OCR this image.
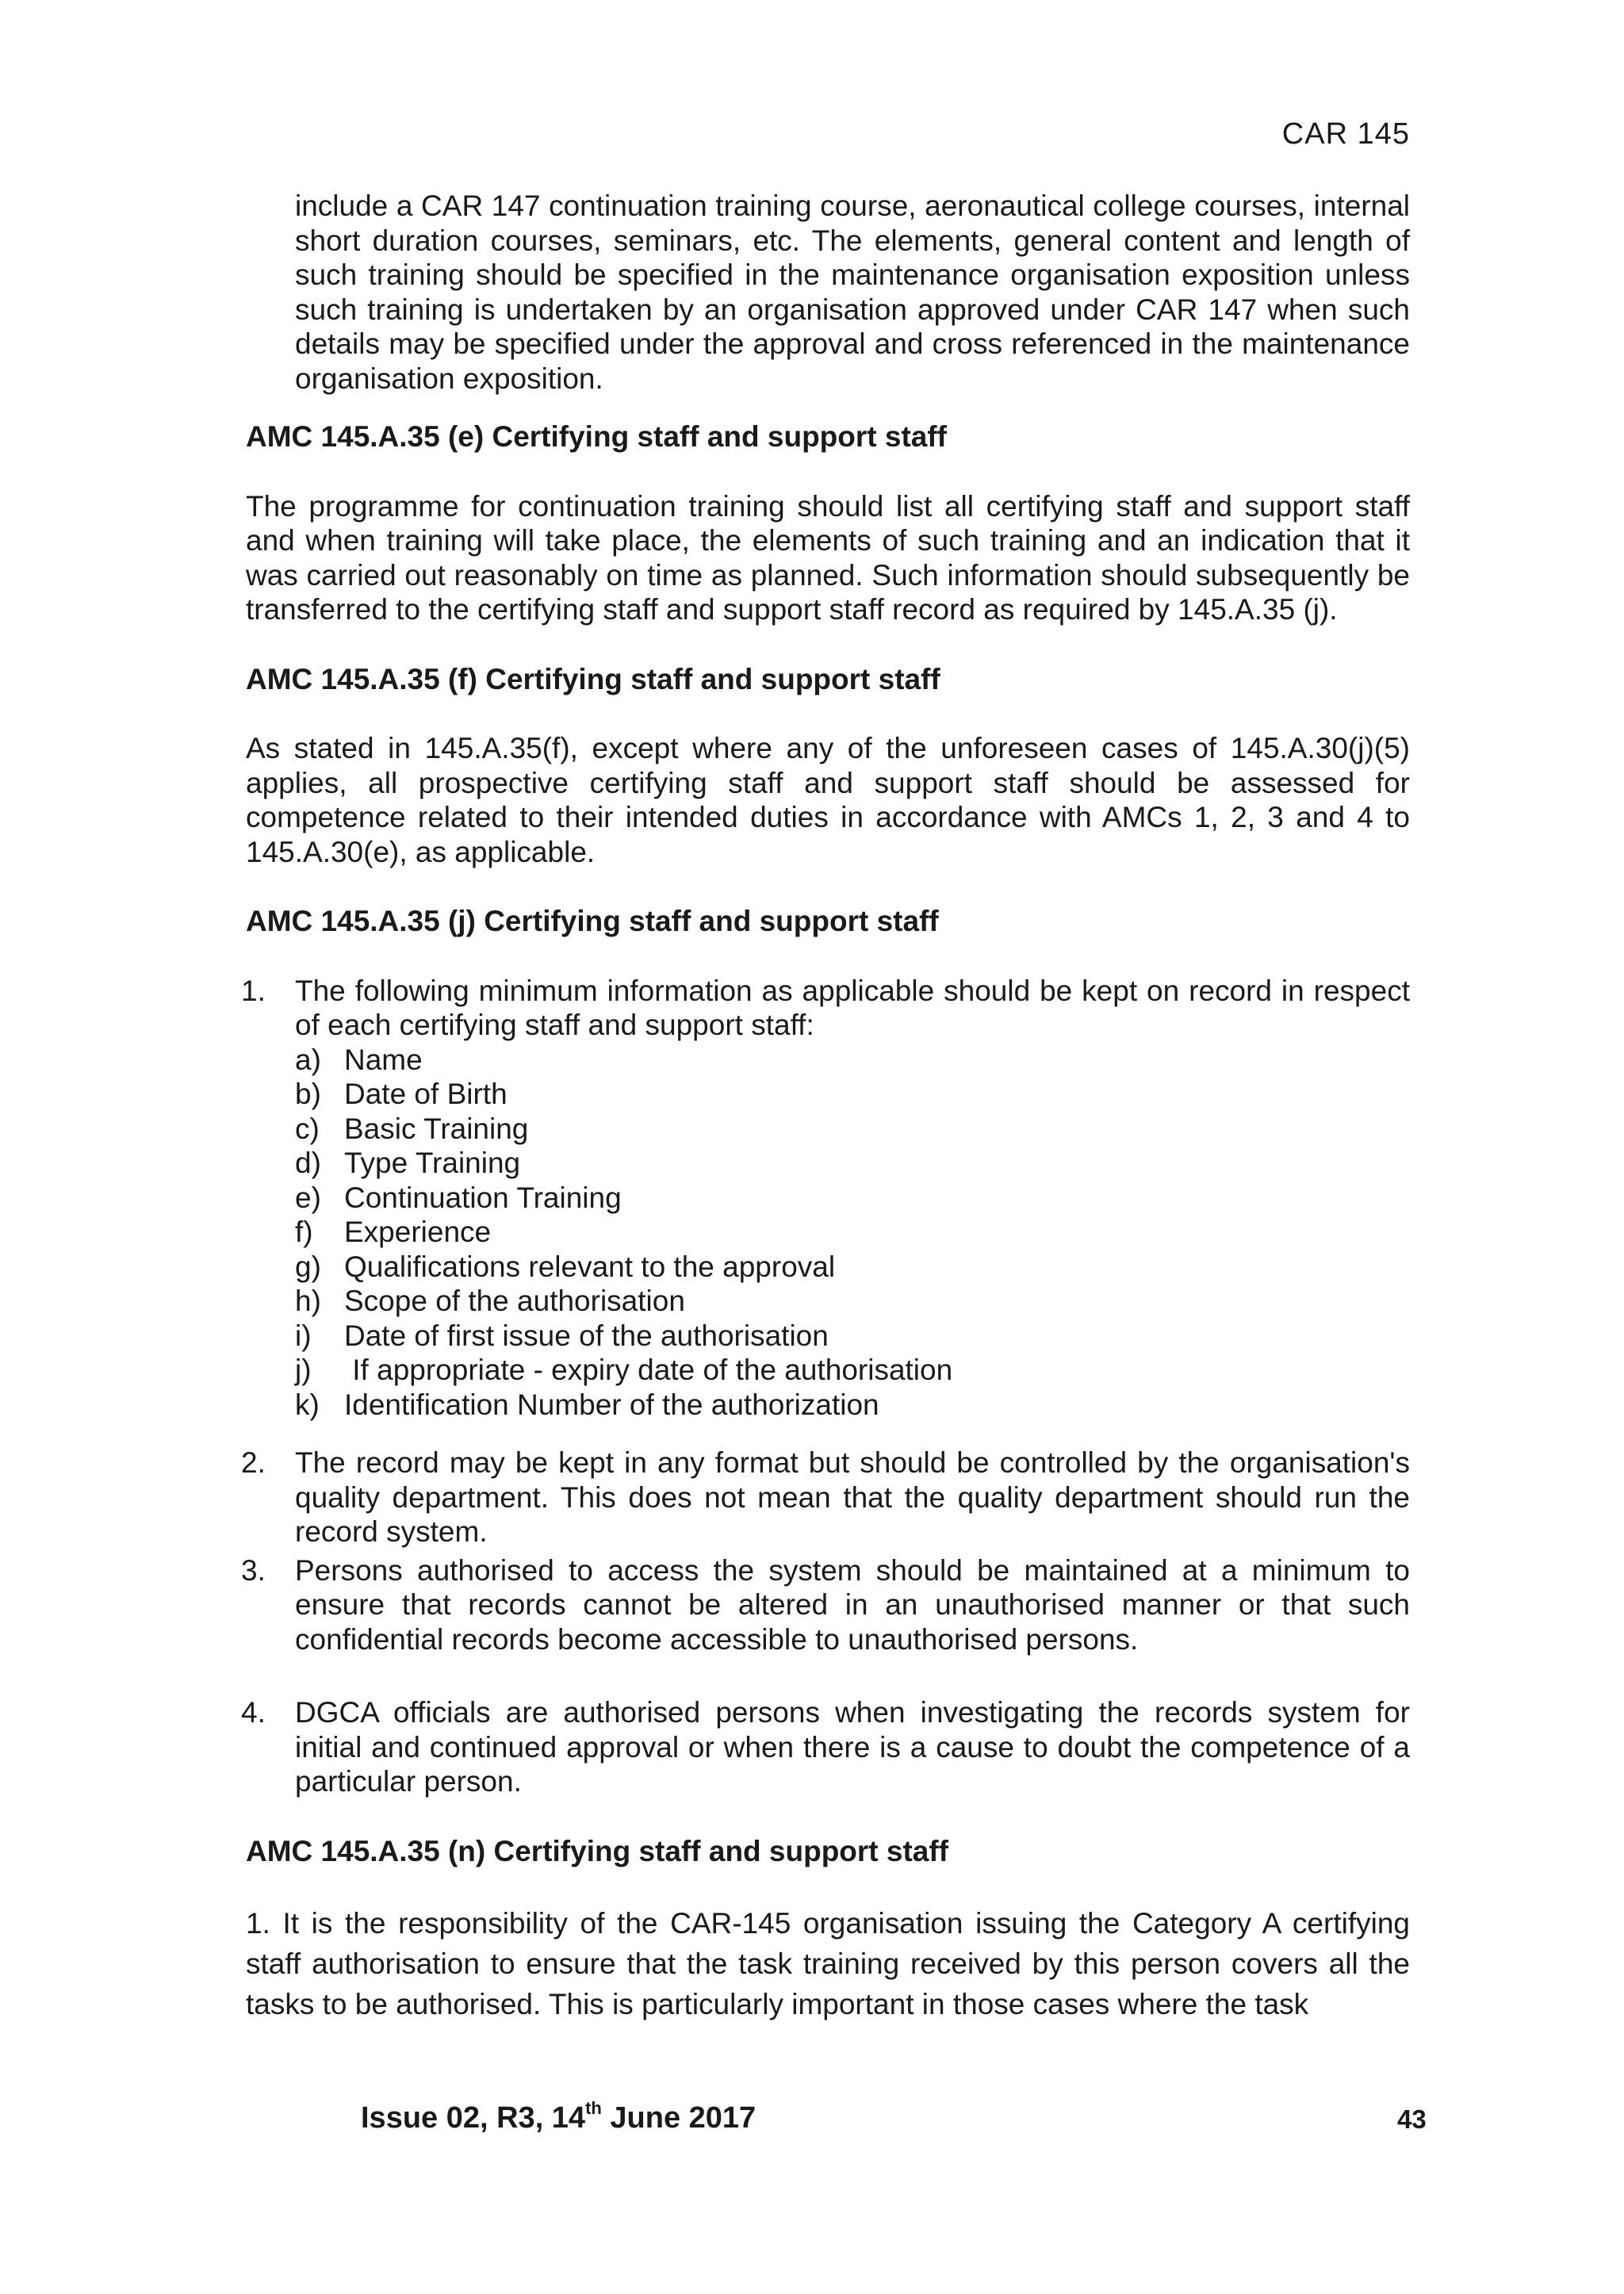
CAR 145

include a CAR 147 continuation training course, aeronautical college courses, internal short duration courses, seminars, etc. The elements, general content and length of such training should be specified in the maintenance organisation exposition unless such training is undertaken by an organisation approved under CAR 147 when such details may be specified under the approval and cross referenced in the maintenance organisation exposition.

AMC 145.A.35 (e) Certifying staff and support staff

The programme for continuation training should list all certifying staff and support staff and when training will take place, the elements of such training and an indication that it was carried out reasonably on time as planned. Such information should subsequently be transferred to the certifying staff and support staff record as required by 145.A.35 (j).

AMC 145.A.35 (f) Certifying staff and support staff

As stated in 145.A.35(f), except where any of the unforeseen cases of 145.A.30(j)(5) applies, all prospective certifying staff and support staff should be assessed for competence related to their intended duties in accordance with AMCs 1, 2, 3 and 4 to 145.A.30(e), as applicable.

AMC 145.A.35 (j) Certifying staff and support staff

1. The following minimum information as applicable should be kept on record in respect of each certifying staff and support staff:
a) Name
b) Date of Birth
c) Basic Training
d) Type Training
e) Continuation Training
f) Experience
g) Qualifications relevant to the approval
h) Scope of the authorisation
i) Date of first issue of the authorisation
j) If appropriate - expiry date of the authorisation
k) Identification Number of the authorization
2. The record may be kept in any format but should be controlled by the organisation's quality department. This does not mean that the quality department should run the record system.
3. Persons authorised to access the system should be maintained at a minimum to ensure that records cannot be altered in an unauthorised manner or that such confidential records become accessible to unauthorised persons.
4. DGCA officials are authorised persons when investigating the records system for initial and continued approval or when there is a cause to doubt the competence of a particular person.

AMC 145.A.35 (n) Certifying staff and support staff

1. It is the responsibility of the CAR-145 organisation issuing the Category A certifying staff authorisation to ensure that the task training received by this person covers all the tasks to be authorised. This is particularly important in those cases where the task

Issue 02, R3, 14th June 2017	43
